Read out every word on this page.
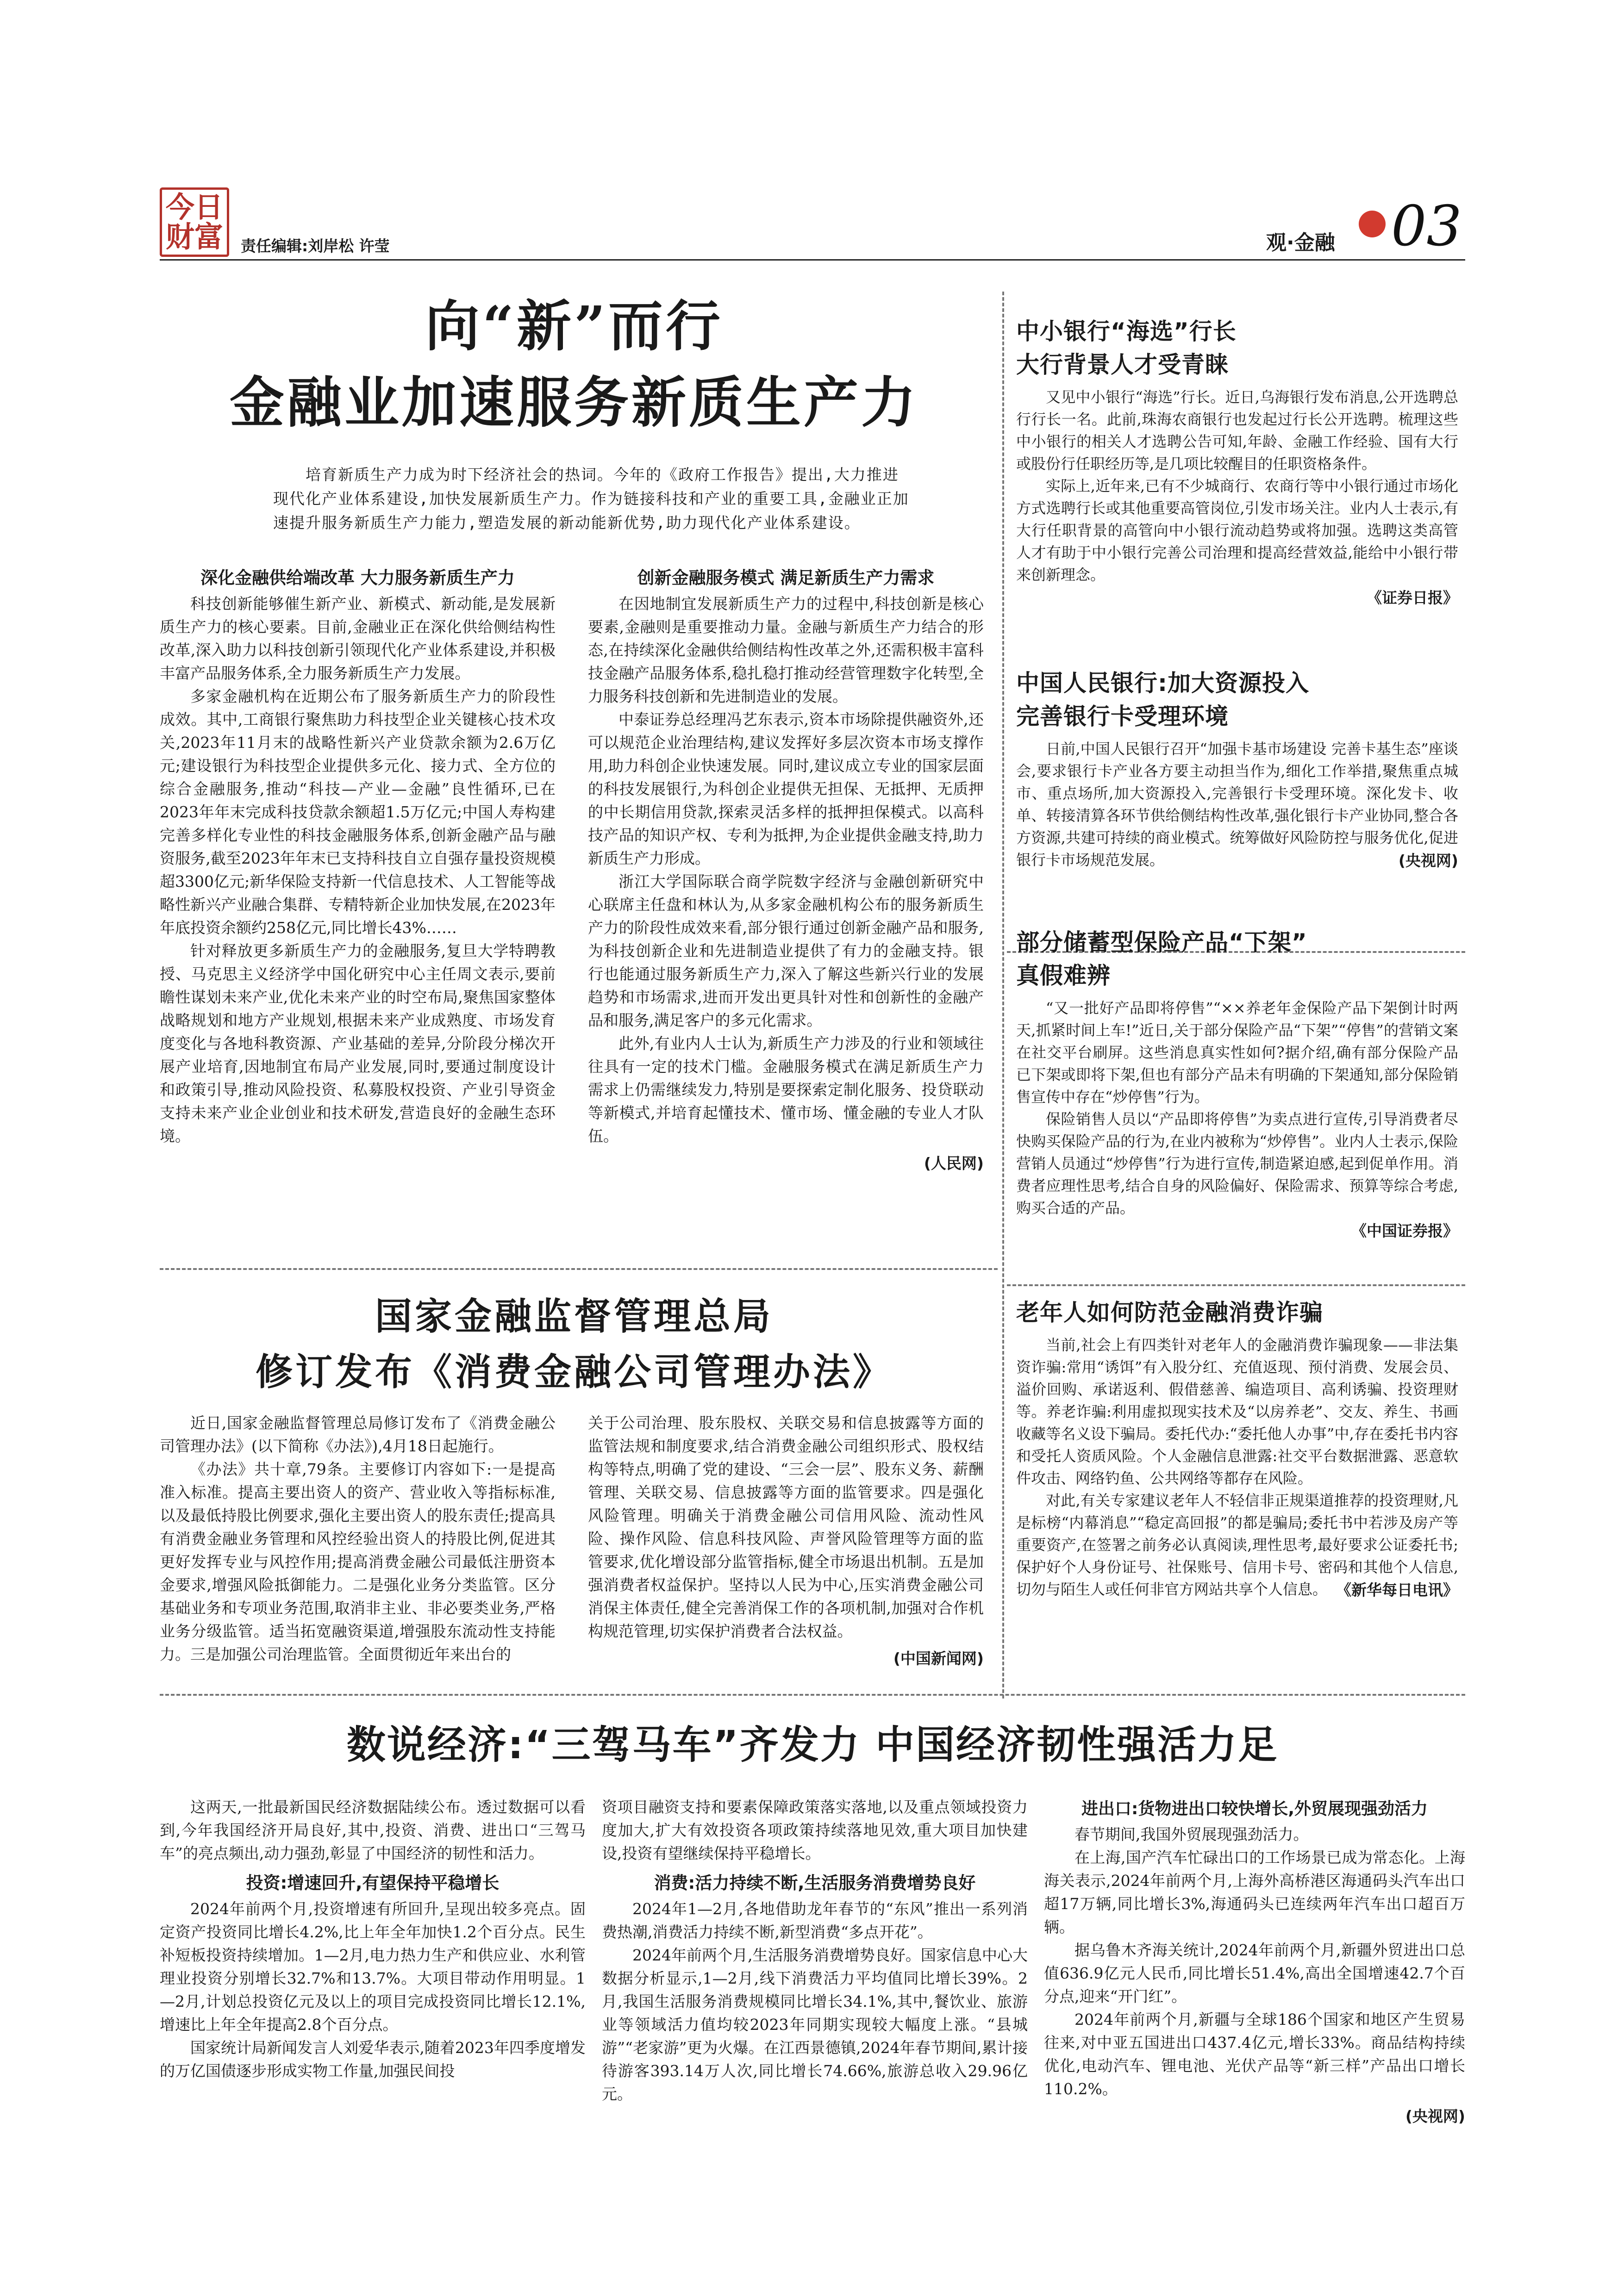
今日财富	责任编辑:刘岸松 许莹	观·金融 03
向“新”而行
金融业加速服务新质生产力
培育新质生产力成为时下经济社会的热词。今年的《政府工作报告》提出,大力推进现代化产业体系建设,加快发展新质生产力。作为链接科技和产业的重要工具,金融业正加速提升服务新质生产力能力,塑造发展的新动能新优势,助力现代化产业体系建设。
深化金融供给端改革 大力服务新质生产力

科技创新能够催生新产业、新模式、新动能,是发展新质生产力的核心要素。目前,金融业正在深化供给侧结构性改革,深入助力以科技创新引领现代化产业体系建设,并积极丰富产品服务体系,全力服务新质生产力发展。

多家金融机构在近期公布了服务新质生产力的阶段性成效。其中,工商银行聚焦助力科技型企业关键核心技术攻关,2023年11月末的战略性新兴产业贷款余额为2.6万亿元;建设银行为科技型企业提供多元化、接力式、全方位的综合金融服务,推动“科技—产业—金融”良性循环,已在2023年年末完成科技贷款余额超1.5万亿元;中国人寿构建完善多样化专业性的科技金融服务体系,创新金融产品与融资服务,截至2023年年末已支持科技自立自强存量投资规模超3300亿元;新华保险支持新一代信息技术、人工智能等战略性新兴产业融合集群、专精特新企业加快发展,在2023年年底投资余额约258亿元,同比增长43%……

针对释放更多新质生产力的金融服务,复旦大学特聘教授、马克思主义经济学中国化研究中心主任周文表示,要前瞻性谋划未来产业,优化未来产业的时空布局,聚焦国家整体战略规划和地方产业规划,根据未来产业成熟度、市场发育度变化与各地科教资源、产业基础的差异,分阶段分梯次开展产业培育,因地制宜布局产业发展,同时,要通过制度设计和政策引导,推动风险投资、私募股权投资、产业引导资金支持未来产业企业创业和技术研发,营造良好的金融生态环境。

创新金融服务模式 满足新质生产力需求

在因地制宜发展新质生产力的过程中,科技创新是核心要素,金融则是重要推动力量。金融与新质生产力结合的形态,在持续深化金融供给侧结构性改革之外,还需积极丰富科技金融产品服务体系,稳扎稳打推动经营管理数字化转型,全力服务科技创新和先进制造业的发展。

中泰证券总经理冯艺东表示,资本市场除提供融资外,还可以规范企业治理结构,建议发挥好多层次资本市场支撑作用,助力科创企业快速发展。同时,建议成立专业的国家层面的科技发展银行,为科创企业提供无担保、无抵押、无质押的中长期信用贷款,探索灵活多样的抵押担保模式。以高科技产品的知识产权、专利为抵押,为企业提供金融支持,助力新质生产力形成。

浙江大学国际联合商学院数字经济与金融创新研究中心联席主任盘和林认为,从多家金融机构公布的服务新质生产力的阶段性成效来看,部分银行通过创新金融产品和服务,为科技创新企业和先进制造业提供了有力的金融支持。银行也能通过服务新质生产力,深入了解这些新兴行业的发展趋势和市场需求,进而开发出更具针对性和创新性的金融产品和服务,满足客户的多元化需求。

此外,有业内人士认为,新质生产力涉及的行业和领域往往具有一定的技术门槛。金融服务模式在满足新质生产力需求上仍需继续发力,特别是要探索定制化服务、投贷联动等新模式,并培育起懂技术、懂市场、懂金融的专业人才队伍。

(人民网)
中小银行“海选”行长
大行背景人才受青睐

又见中小银行“海选”行长。近日,乌海银行发布消息,公开选聘总行行长一名。此前,珠海农商银行也发起过行长公开选聘。梳理这些中小银行的相关人才选聘公告可知,年龄、金融工作经验、国有大行或股份行任职经历等,是几项比较醒目的任职资格条件。

实际上,近年来,已有不少城商行、农商行等中小银行通过市场化方式选聘行长或其他重要高管岗位,引发市场关注。业内人士表示,有大行任职背景的高管向中小银行流动趋势或将加强。选聘这类高管人才有助于中小银行完善公司治理和提高经营效益,能给中小银行带来创新理念。

《证券日报》
中国人民银行:加大资源投入
完善银行卡受理环境

日前,中国人民银行召开“加强卡基市场建设 完善卡基生态”座谈会,要求银行卡产业各方要主动担当作为,细化工作举措,聚焦重点城市、重点场所,加大资源投入,完善银行卡受理环境。深化发卡、收单、转接清算各环节供给侧结构性改革,强化银行卡产业协同,整合各方资源,共建可持续的商业模式。统筹做好风险防控与服务优化,促进银行卡市场规范发展。	(央视网)
部分储蓄型保险产品“下架”
真假难辨

“又一批好产品即将停售”“××养老年金保险产品下架倒计时两天,抓紧时间上车!”近日,关于部分保险产品“下架”“停售”的营销文案在社交平台刷屏。这些消息真实性如何?据介绍,确有部分保险产品已下架或即将下架,但也有部分产品未有明确的下架通知,部分保险销售宣传中存在“炒停售”行为。

保险销售人员以“产品即将停售”为卖点进行宣传,引导消费者尽快购买保险产品的行为,在业内被称为“炒停售”。业内人士表示,保险营销人员通过“炒停售”行为进行宣传,制造紧迫感,起到促单作用。消费者应理性思考,结合自身的风险偏好、保险需求、预算等综合考虑,购买合适的产品。

《中国证券报》
老年人如何防范金融消费诈骗

当前,社会上有四类针对老年人的金融消费诈骗现象——非法集资诈骗:常用“诱饵”有入股分红、充值返现、预付消费、发展会员、溢价回购、承诺返利、假借慈善、编造项目、高利诱骗、投资理财等。养老诈骗:利用虚拟现实技术及“以房养老”、交友、养生、书画收藏等名义设下骗局。委托代办:“委托他人办事”中,存在委托书内容和受托人资质风险。个人金融信息泄露:社交平台数据泄露、恶意软件攻击、网络钓鱼、公共网络等都存在风险。

对此,有关专家建议老年人不轻信非正规渠道推荐的投资理财,凡是标榜“内幕消息”“稳定高回报”的都是骗局;委托书中若涉及房产等重要资产,在签署之前务必认真阅读,理性思考,最好要求公证委托书;保护好个人身份证号、社保账号、信用卡号、密码和其他个人信息,切勿与陌生人或任何非官方网站共享个人信息。 《新华每日电讯》
国家金融监督管理总局
修订发布《消费金融公司管理办法》

近日,国家金融监督管理总局修订发布了《消费金融公司管理办法》(以下简称《办法》),4月18日起施行。

《办法》共十章,79条。主要修订内容如下:一是提高准入标准。提高主要出资人的资产、营业收入等指标标准,以及最低持股比例要求,强化主要出资人的股东责任;提高具有消费金融业务管理和风控经验出资人的持股比例,促进其更好发挥专业与风控作用;提高消费金融公司最低注册资本金要求,增强风险抵御能力。二是强化业务分类监管。区分基础业务和专项业务范围,取消非主业、非必要类业务,严格业务分级监管。适当拓宽融资渠道,增强股东流动性支持能力。三是加强公司治理监管。全面贯彻近年来出台的

关于公司治理、股东股权、关联交易和信息披露等方面的监管法规和制度要求,结合消费金融公司组织形式、股权结构等特点,明确了党的建设、“三会一层”、股东义务、薪酬管理、关联交易、信息披露等方面的监管要求。四是强化风险管理。明确关于消费金融公司信用风险、流动性风险、操作风险、信息科技风险、声誉风险管理等方面的监管要求,优化增设部分监管指标,健全市场退出机制。五是加强消费者权益保护。坚持以人民为中心,压实消费金融公司消保主体责任,健全完善消保工作的各项机制,加强对合作机构规范管理,切实保护消费者合法权益。

(中国新闻网)
数说经济:“三驾马车”齐发力 中国经济韧性强活力足

这两天,一批最新国民经济数据陆续公布。透过数据可以看到,今年我国经济开局良好,其中,投资、消费、进出口“三驾马车”的亮点频出,动力强劲,彰显了中国经济的韧性和活力。

投资:增速回升,有望保持平稳增长

2024年前两个月,投资增速有所回升,呈现出较多亮点。固定资产投资同比增长4.2%,比上年全年加快1.2个百分点。民生补短板投资持续增加。1—2月,电力热力生产和供应业、水利管理业投资分别增长32.7%和13.7%。大项目带动作用明显。1—2月,计划总投资亿元及以上的项目完成投资同比增长12.1%,增速比上年全年提高2.8个百分点。

国家统计局新闻发言人刘爱华表示,随着2023年四季度增发的万亿国债逐步形成实物工作量,加强民间投

资项目融资支持和要素保障政策落实落地,以及重点领域投资力度加大,扩大有效投资各项政策持续落地见效,重大项目加快建设,投资有望继续保持平稳增长。

消费:活力持续不断,生活服务消费增势良好

2024年1—2月,各地借助龙年春节的“东风”推出一系列消费热潮,消费活力持续不断,新型消费“多点开花”。

2024年前两个月,生活服务消费增势良好。国家信息中心大数据分析显示,1—2月,线下消费活力平均值同比增长39%。2月,我国生活服务消费规模同比增长34.1%,其中,餐饮业、旅游业等领域活力值均较2023年同期实现较大幅度上涨。“县城游”“老家游”更为火爆。在江西景德镇,2024年春节期间,累计接待游客393.14万人次,同比增长74.66%,旅游总收入29.96亿元。

进出口:货物进出口较快增长,外贸展现强劲活力

春节期间,我国外贸展现强劲活力。

在上海,国产汽车忙碌出口的工作场景已成为常态化。上海海关表示,2024年前两个月,上海外高桥港区海通码头汽车出口超17万辆,同比增长3%,海通码头已连续两年汽车出口超百万辆。

据乌鲁木齐海关统计,2024年前两个月,新疆外贸进出口总值636.9亿元人民币,同比增长51.4%,高出全国增速42.7个百分点,迎来“开门红”。

2024年前两个月,新疆与全球186个国家和地区产生贸易往来,对中亚五国进出口437.4亿元,增长33%。商品结构持续优化,电动汽车、锂电池、光伏产品等“新三样”产品出口增长110.2%。

(央视网)
